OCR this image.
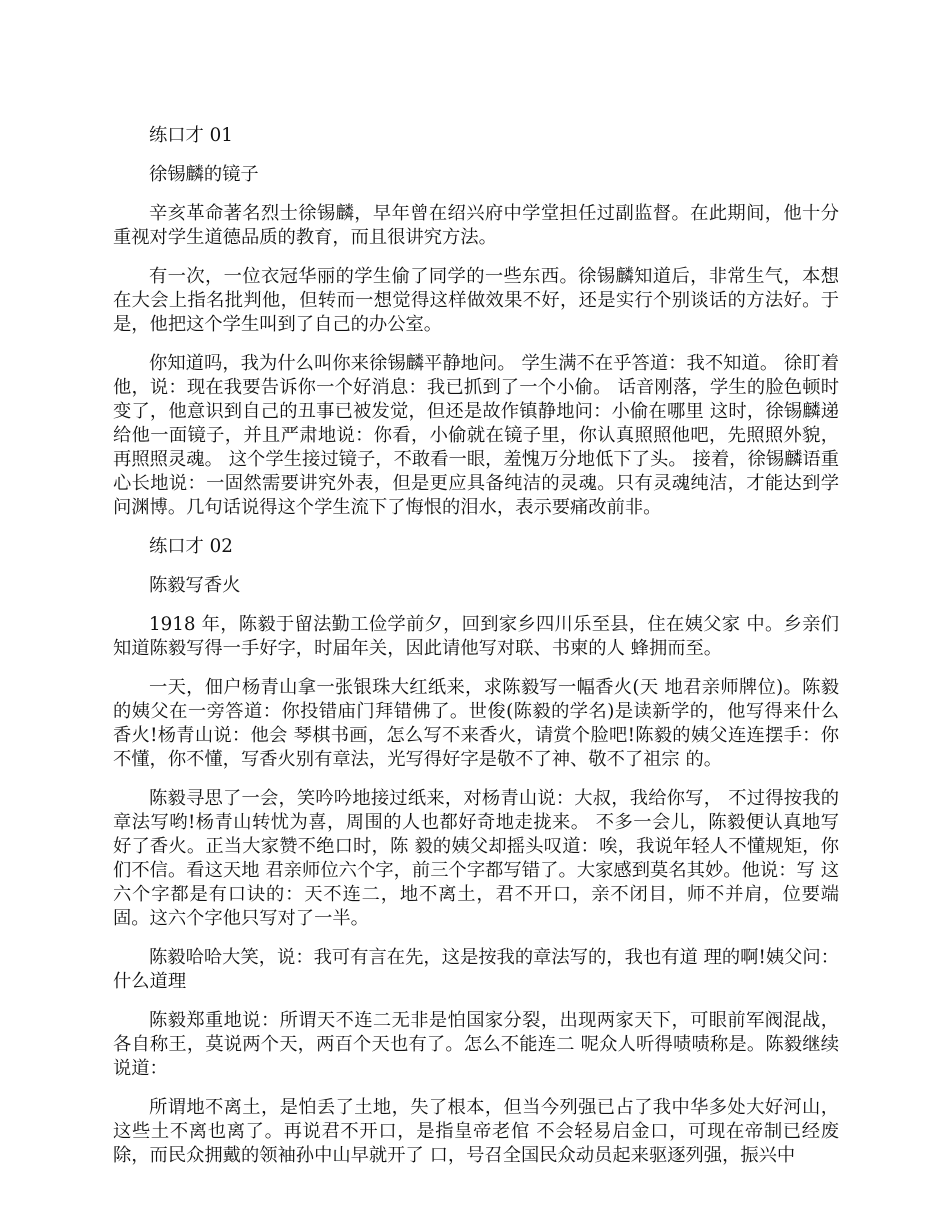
练口才 01

徐锡麟的镜子

辛亥革命著名烈士徐锡麟，早年曾在绍兴府中学堂担任过副监督。在此期间，他十分重视对学生道德品质的教育，而且很讲究方法。

有一次，一位衣冠华丽的学生偷了同学的一些东西。徐锡麟知道后，非常生气，本想在大会上指名批判他，但转而一想觉得这样做效果不好，还是实行个别谈话的方法好。于是，他把这个学生叫到了自己的办公室。

你知道吗，我为什么叫你来徐锡麟平静地问。 学生满不在乎答道：我不知道。 徐盯着他，说：现在我要告诉你一个好消息：我已抓到了一个小偷。 话音刚落，学生的脸色顿时变了，他意识到自己的丑事已被发觉，但还是故作镇静地问：小偷在哪里 这时，徐锡麟递给他一面镜子，并且严肃地说：你看，小偷就在镜子里，你认真照照他吧，先照照外貌，再照照灵魂。 这个学生接过镜子，不敢看一眼，羞愧万分地低下了头。 接着，徐锡麟语重心长地说：一固然需要讲究外表，但是更应具备纯洁的灵魂。只有灵魂纯洁，才能达到学问渊博。几句话说得这个学生流下了悔恨的泪水，表示要痛改前非。

练口才 02

陈毅写香火

1918 年，陈毅于留法勤工俭学前夕，回到家乡四川乐至县，住在姨父家 中。乡亲们知道陈毅写得一手好字，时届年关，因此请他写对联、书柬的人 蜂拥而至。

一天，佃户杨青山拿一张银珠大红纸来，求陈毅写一幅香火(天 地君亲师牌位)。陈毅的姨父在一旁答道：你投错庙门拜错佛了。世俊(陈毅的学名)是读新学的，他写得来什么香火!杨青山说：他会 琴棋书画，怎么写不来香火，请赏个脸吧!陈毅的姨父连连摆手：你不懂，你不懂，写香火别有章法，光写得好字是敬不了神、敬不了祖宗 的。

陈毅寻思了一会，笑吟吟地接过纸来，对杨青山说：大叔，我给你写， 不过得按我的章法写哟!杨青山转忧为喜，周围的人也都好奇地走拢来。 不多一会儿，陈毅便认真地写好了香火。正当大家赞不绝口时，陈 毅的姨父却摇头叹道：唉，我说年轻人不懂规矩，你们不信。看这天地 君亲师位六个字，前三个字都写错了。大家感到莫名其妙。他说：写 这六个字都是有口诀的：天不连二，地不离土，君不开口，亲不闭目，师不并肩，位要端固。这六个字他只写对了一半。

陈毅哈哈大笑，说：我可有言在先，这是按我的章法写的，我也有道 理的啊!姨父问：什么道理

陈毅郑重地说：所谓天不连二无非是怕国家分裂，出现两家天下，可眼前军阀混战，各自称王，莫说两个天，两百个天也有了。怎么不能连二 呢众人听得啧啧称是。陈毅继续说道：

所谓地不离土，是怕丢了土地，失了根本，但当今列强已占了我中华多处大好河山，这些土不离也离了。再说君不开口，是指皇帝老倌 不会轻易启金口，可现在帝制已经废除，而民众拥戴的领袖孙中山早就开了 口，号召全国民众动员起来驱逐列强，振兴中
